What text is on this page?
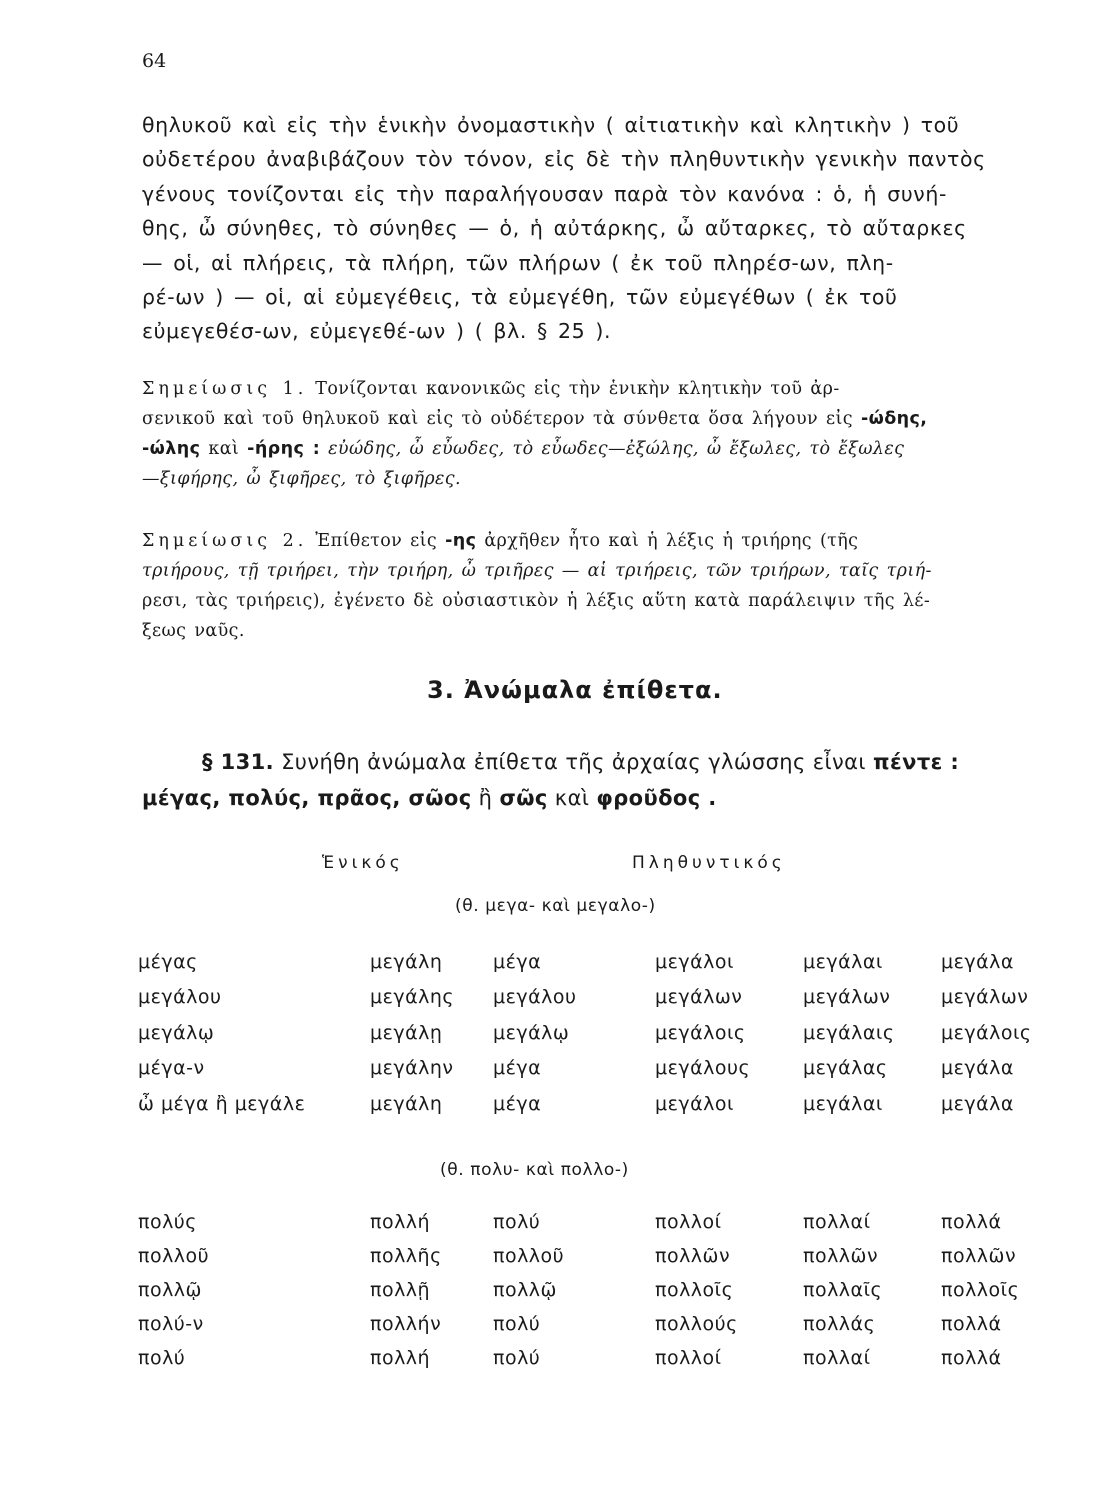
64

θηλυκοῦ καὶ εἰς τὴν ἑνικὴν ὀνομαστικὴν ( αἰτιατικὴν καὶ κλητικὴν ) τοῦ

οὐδετέρου ἀναβιβάζουν τὸν τόνον, εἰς δὲ τὴν πληθυντικὴν γενικὴν παντὸς

γένους τονίζονται εἰς τὴν παραλήγουσαν παρὰ τὸν κανόνα : ὁ, ἡ συνή-

θης, ὦ σύνηθες, τὸ σύνηθες — ὁ, ἡ αὐτάρκης, ὦ αὔταρκες, τὸ αὔταρκες

— οἱ, αἱ πλήρεις, τὰ πλήρη, τῶν πλήρων ( ἐκ τοῦ πληρέσ-ων, πλη-

ρέ-ων ) — οἱ, αἱ εὐμεγέθεις, τὰ εὐμεγέθη, τῶν εὐμεγέθων ( ἐκ τοῦ

εὐμεγεθέσ-ων, εὐμεγεθέ-ων ) ( βλ. § 25 ).

Σημείωσις 1. Τονίζονται κανονικῶς εἰς τὴν ἑνικὴν κλητικὴν τοῦ ἀρ-

σενικοῦ καὶ τοῦ θηλυκοῦ καὶ εἰς τὸ οὐδέτερον τὰ σύνθετα ὅσα λήγουν εἰς -ώδης,

-ώλης καὶ -ήρης : εὐώδης, ὦ εὖωδες, τὸ εὖωδες—ἐξώλης, ὦ ἔξωλες, τὸ ἔξωλες

—ξιφήρης, ὦ ξιφῆρες, τὸ ξιφῆρες.

Σημείωσις 2. Ἐπίθετον εἰς -ης ἀρχῆθεν ἦτο καὶ ἡ λέξις ἡ τριήρης (τῆς

τριήρους, τῇ τριήρει, τὴν τριήρη, ὦ τριῆρες — αἱ τριήρεις, τῶν τριήρων, ταῖς τριή-

ρεσι, τὰς τριήρεις), ἐγένετο δὲ οὐσιαστικὸν ἡ λέξις αὕτη κατὰ παράλειψιν τῆς λέ-

ξεως ναῦς.

3. Ἀνώμαλα ἐπίθετα.

§ 131. Συνήθη ἀνώμαλα ἐπίθετα τῆς ἀρχαίας γλώσσης εἶναι πέντε :

μέγας, πολύς, πρᾶος, σῶος ἢ σῶς καὶ φροῦδος .

Ἑνικός	Πληθυντικός
(θ. μεγα- καὶ μεγαλο-)
μέγας	μεγάλη	μέγα	μεγάλοι	μεγάλαι	μεγάλα
μεγάλου	μεγάλης	μεγάλου	μεγάλων	μεγάλων	μεγάλων
μεγάλῳ	μεγάλῃ	μεγάλῳ	μεγάλοις	μεγάλαις	μεγάλοις
μέγα-ν	μεγάλην	μέγα	μεγάλους	μεγάλας	μεγάλα
ὦ μέγα ἢ μεγάλε	μεγάλη	μέγα	μεγάλοι	μεγάλαι	μεγάλα
(θ. πολυ- καὶ πολλο-)
πολύς	πολλή	πολύ	πολλοί	πολλαί	πολλά
πολλοῦ	πολλῆς	πολλοῦ	πολλῶν	πολλῶν	πολλῶν
πολλῷ	πολλῇ	πολλῷ	πολλοῖς	πολλαῖς	πολλοῖς
πολύ-ν	πολλήν	πολύ	πολλούς	πολλάς	πολλά
πολύ	πολλή	πολύ	πολλοί	πολλαί	πολλά
